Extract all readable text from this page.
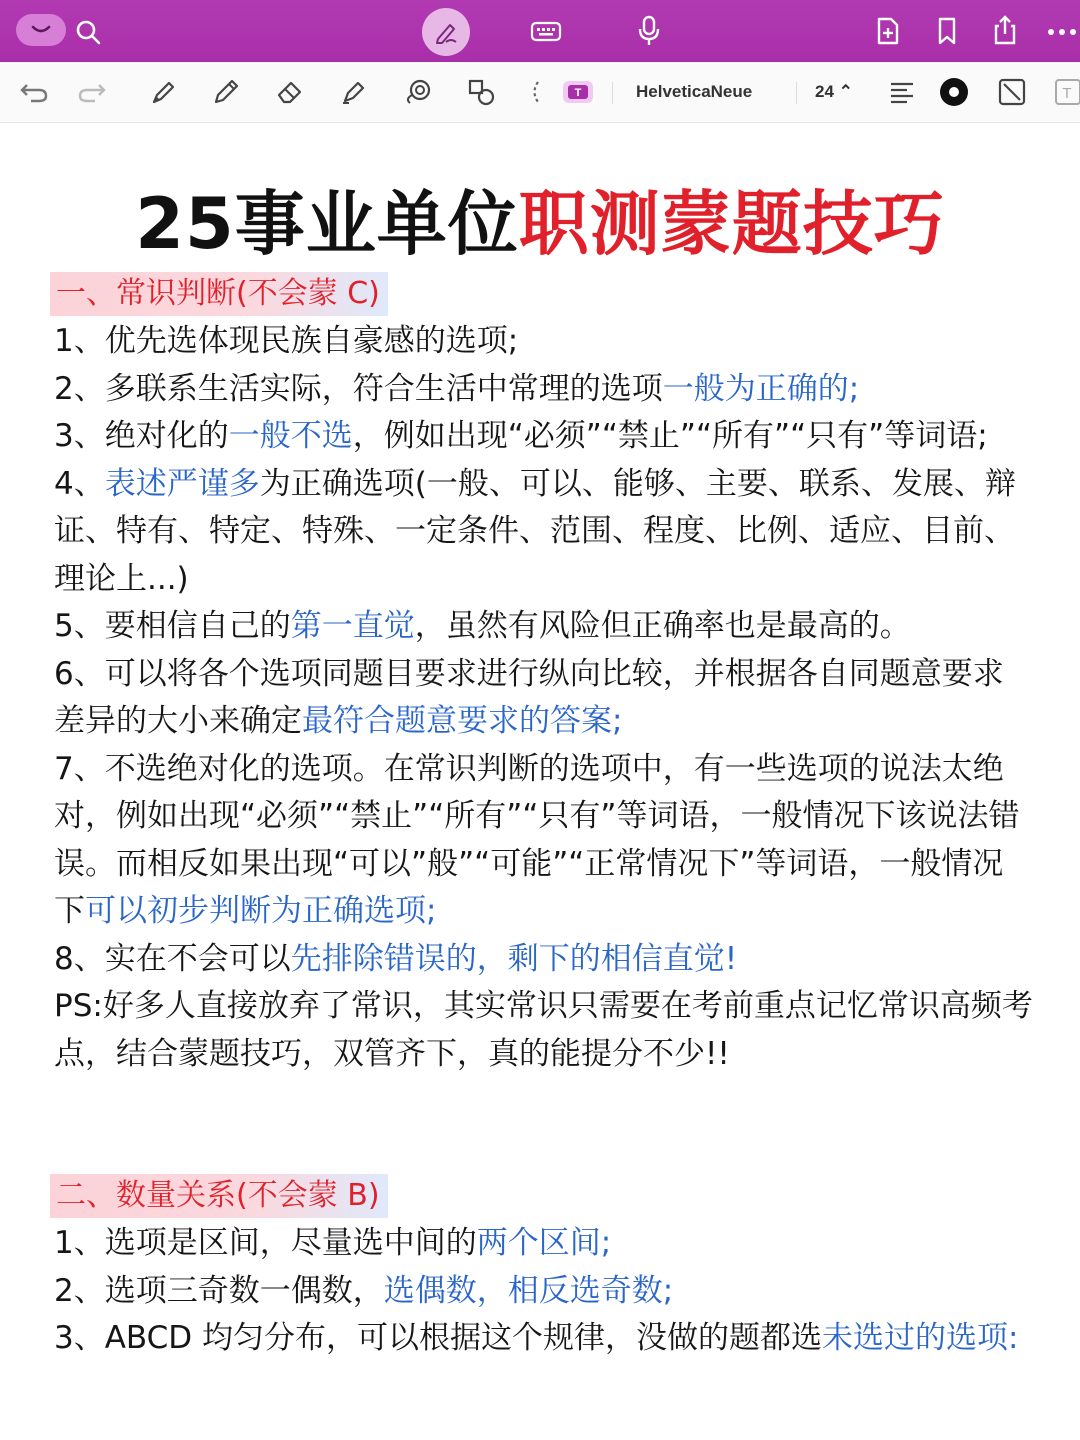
T	HelveticaNeue	24 ⌃	T
25事业单位职测蒙题技巧
一、常识判断(不会蒙 C)

1、优先选体现民族自豪感的选项;

2、多联系生活实际，符合生活中常理的选项一般为正确的;

3、绝对化的一般不选，例如出现“必须”“禁止”“所有”“只有”等词语;

4、表述严谨多为正确选项(一般、可以、能够、主要、联系、发展、辩证、特有、特定、特殊、一定条件、范围、程度、比例、适应、目前、理论上...)

5、要相信自己的第一直觉，虽然有风险但正确率也是最高的。

6、可以将各个选项同题目要求进行纵向比较，并根据各自同题意要求差异的大小来确定最符合题意要求的答案;

7、不选绝对化的选项。在常识判断的选项中，有一些选项的说法太绝对，例如出现“必须”“禁止”“所有”“只有”等词语，一般情况下该说法错误。而相反如果出现“可以”般”“可能”“正常情况下”等词语，一般情况下可以初步判断为正确选项;

8、实在不会可以先排除错误的，剩下的相信直觉!

PS:好多人直接放弃了常识，其实常识只需要在考前重点记忆常识高频考点，结合蒙题技巧，双管齐下，真的能提分不少!!

二、数量关系(不会蒙 B)

1、选项是区间，尽量选中间的两个区间;

2、选项三奇数一偶数，选偶数，相反选奇数;

3、ABCD 均匀分布，可以根据这个规律，没做的题都选未选过的选项:
